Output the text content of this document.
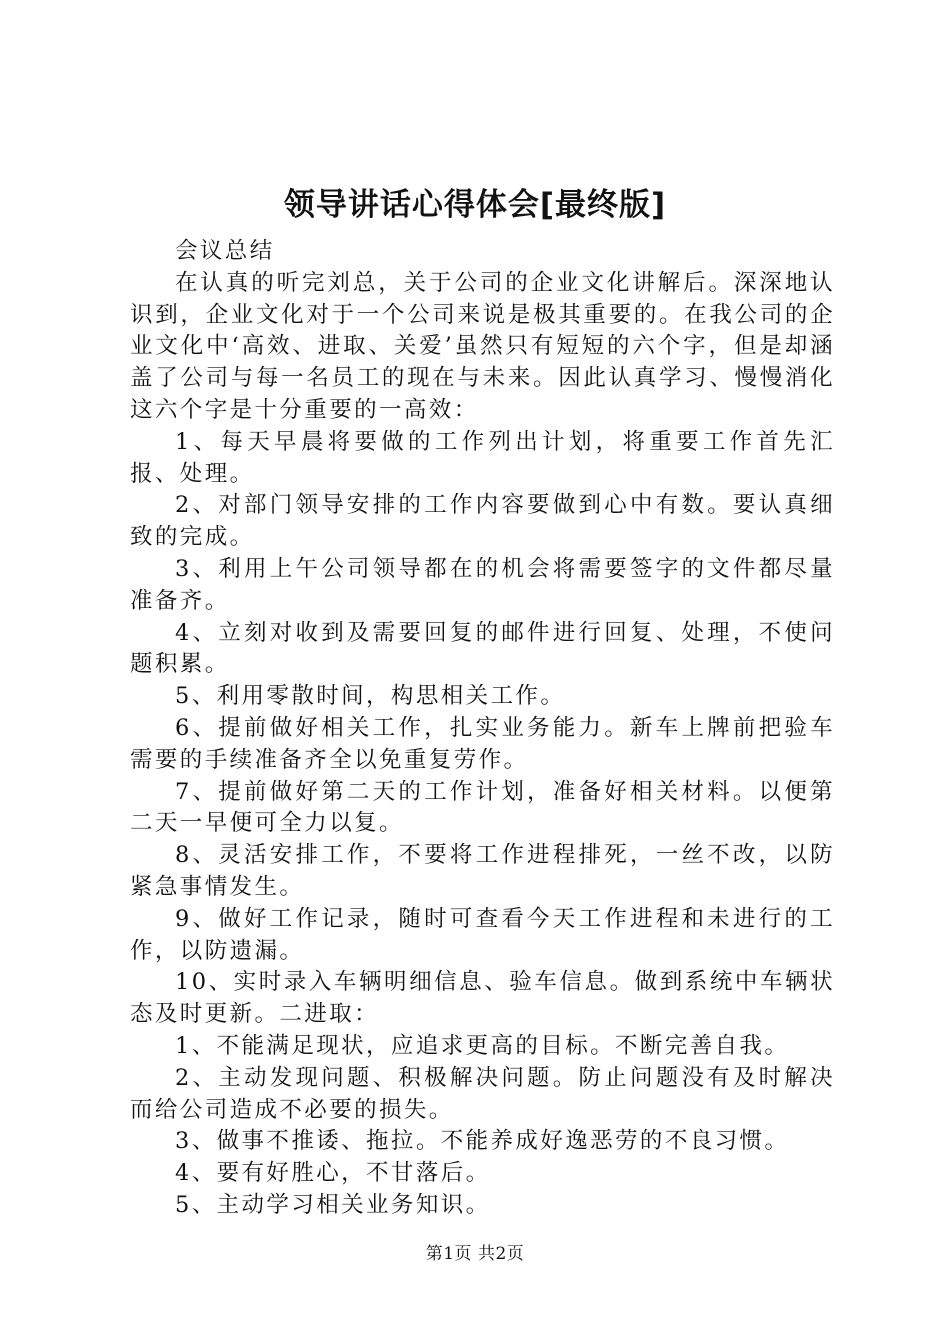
领导讲话心得体会[最终版]

会议总结

在认真的听完刘总，关于公司的企业文化讲解后。深深地认识到，企业文化对于一个公司来说是极其重要的。在我公司的企业文化中‘高效、进取、关爱’虽然只有短短的六个字，但是却涵盖了公司与每一名员工的现在与未来。因此认真学习、慢慢消化这六个字是十分重要的一高效：

1、每天早晨将要做的工作列出计划，将重要工作首先汇报、处理。

2、对部门领导安排的工作内容要做到心中有数。要认真细致的完成。

3、利用上午公司领导都在的机会将需要签字的文件都尽量准备齐。

4、立刻对收到及需要回复的邮件进行回复、处理，不使问题积累。

5、利用零散时间，构思相关工作。

6、提前做好相关工作，扎实业务能力。新车上牌前把验车需要的手续准备齐全以免重复劳作。

7、提前做好第二天的工作计划，准备好相关材料。以便第二天一早便可全力以复。

8、灵活安排工作，不要将工作进程排死，一丝不改，以防紧急事情发生。

9、做好工作记录，随时可查看今天工作进程和未进行的工作，以防遗漏。

10、实时录入车辆明细信息、验车信息。做到系统中车辆状态及时更新。二进取：

1、不能满足现状，应追求更高的目标。不断完善自我。

2、主动发现问题、积极解决问题。防止问题没有及时解决而给公司造成不必要的损失。

3、做事不推诿、拖拉。不能养成好逸恶劳的不良习惯。

4、要有好胜心，不甘落后。

5、主动学习相关业务知识。

第1页 共2页
